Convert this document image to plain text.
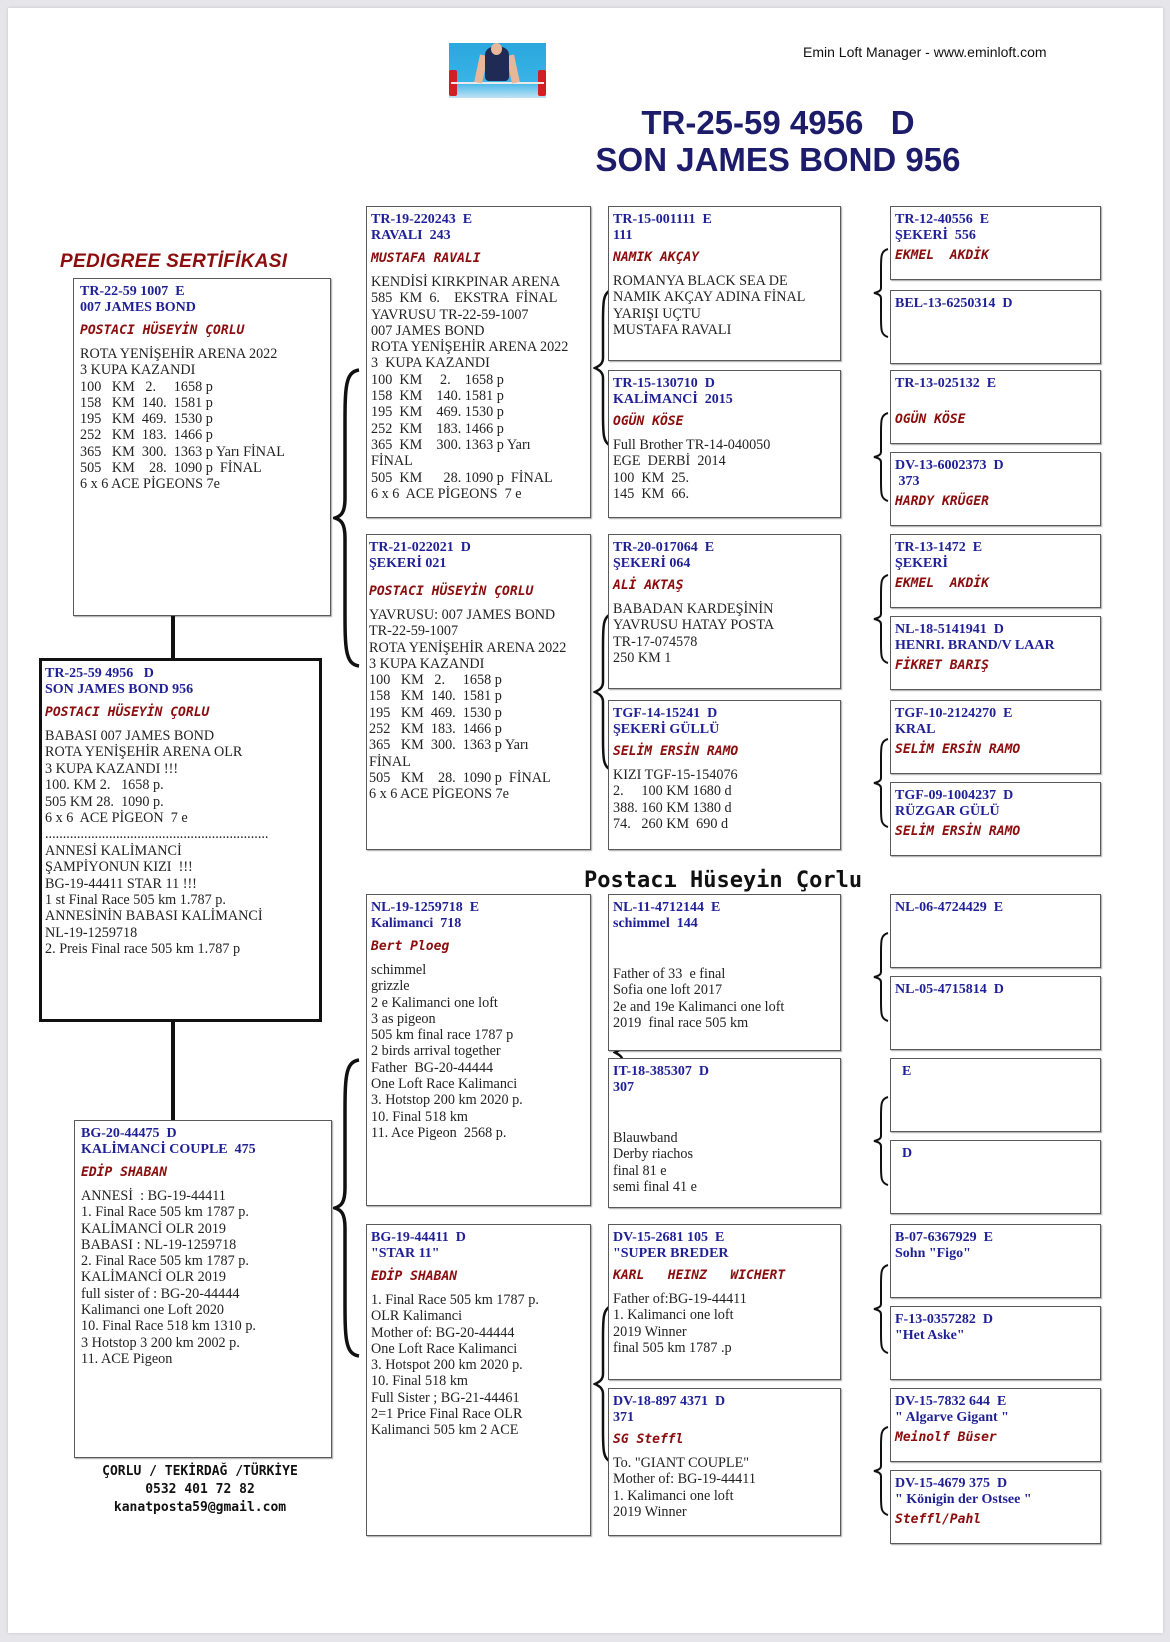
Emin Loft Manager - www.eminloft.com
TR-25-59 4956   D
SON JAMES BOND 956
PEDIGREE SERTİFİKASI
TR-22-59 1007  E
007 JAMES BOND
POSTACI HÜSEYİN ÇORLU
ROTA YENİŞEHİR ARENA 2022
3 KUPA KAZANDI
100   KM   2.     1658 p
158   KM  140.  1581 p
195   KM  469.  1530 p
252   KM  183.  1466 p
365   KM  300.  1363 p Yarı FİNAL
505   KM    28.  1090 p  FİNAL
6 x 6 ACE PİGEONS 7e
TR-25-59 4956   D
SON JAMES BOND 956
POSTACI HÜSEYİN ÇORLU
BABASI 007 JAMES BOND
ROTA YENİŞEHİR ARENA OLR
3 KUPA KAZANDI !!!
100. KM 2.   1658 p.
505 KM 28.  1090 p.
6 x 6  ACE PİGEON  7 e
...............................................................
ANNESİ KALİMANCİ
ŞAMPİYONUN KIZI  !!!
BG-19-44411 STAR 11 !!!
1 st Final Race 505 km 1.787 p.
ANNESİNİN BABASI KALİMANCİ
NL-19-1259718
2. Preis Final race 505 km 1.787 p
BG-20-44475  D
KALİMANCİ COUPLE  475
EDİP SHABAN
ANNESİ  : BG-19-44411
1. Final Race 505 km 1787 p.
KALİMANCİ OLR 2019
BABASI : NL-19-1259718
2. Final Race 505 km 1787 p.
KALİMANCİ OLR 2019
full sister of : BG-20-44444
Kalimanci one Loft 2020
10. Final Race 518 km 1310 p.
3 Hotstop 3 200 km 2002 p.
11. ACE Pigeon
ÇORLU / TEKİRDAĞ /TÜRKİYE
0532 401 72 82
kanatposta59@gmail.com
TR-19-220243  E
RAVALI  243
MUSTAFA RAVALI
KENDİSİ KIRKPINAR ARENA
585  KM  6.    EKSTRA  FİNAL
YAVRUSU TR-22-59-1007
007 JAMES BOND
ROTA YENİŞEHİR ARENA 2022
3  KUPA KAZANDI
100  KM     2.    1658 p
158  KM    140. 1581 p
195  KM    469. 1530 p
252  KM    183. 1466 p
365  KM    300. 1363 p Yarı
FİNAL
505  KM      28. 1090 p  FİNAL
6 x 6  ACE PİGEONS  7 e
TR-21-022021  D
ŞEKERİ 021
POSTACI HÜSEYİN ÇORLU
YAVRUSU: 007 JAMES BOND
TR-22-59-1007
ROTA YENİŞEHİR ARENA 2022
3 KUPA KAZANDI
100   KM   2.     1658 p
158   KM  140.  1581 p
195   KM  469.  1530 p
252   KM  183.  1466 p
365   KM  300.  1363 p Yarı
FİNAL
505   KM    28.  1090 p  FİNAL
6 x 6 ACE PİGEONS 7e
NL-19-1259718  E
Kalimanci  718
Bert Ploeg
schimmel
grizzle
2 e Kalimanci one loft
3 as pigeon
505 km final race 1787 p
2 birds arrival together
Father  BG-20-44444
One Loft Race Kalimanci
3. Hotstop 200 km 2020 p.
10. Final 518 km
11. Ace Pigeon  2568 p.
BG-19-44411  D
"STAR 11"
EDİP SHABAN
1. Final Race 505 km 1787 p.
OLR Kalimanci
Mother of: BG-20-44444
One Loft Race Kalimanci
3. Hotspot 200 km 2020 p.
10. Final 518 km
Full Sister ; BG-21-44461
2=1 Price Final Race OLR
Kalimanci 505 km 2 ACE
TR-15-001111  E
111
NAMIK AKÇAY
ROMANYA BLACK SEA DE
NAMIK AKÇAY ADINA FİNAL
YARIŞI UÇTU
MUSTAFA RAVALI
TR-15-130710  D
KALİMANCİ  2015
OGÜN KÖSE
Full Brother TR-14-040050
EGE  DERBİ  2014
100  KM  25.
145  KM  66.
TR-20-017064  E
ŞEKERİ 064
ALİ AKTAŞ
BABADAN KARDEŞİNİN
YAVRUSU HATAY POSTA
TR-17-074578
250 KM 1
TGF-14-15241  D
ŞEKERİ GÜLLÜ
SELİM ERSİN RAMO
KIZI TGF-15-154076
2.     100 KM 1680 d
388. 160 KM 1380 d
74.   260 KM  690 d
Postacı Hüseyin Çorlu
NL-11-4712144  E
schimmel  144
Father of 33  e final
Sofia one loft 2017
2e and 19e Kalimanci one loft
2019  final race 505 km
IT-18-385307  D
307
Blauwband
Derby riachos
final 81 e
semi final 41 e
DV-15-2681 105  E
"SUPER BREDER
KARL   HEINZ   WICHERT
Father of:BG-19-44411
1. Kalimanci one loft
2019 Winner
final 505 km 1787 .p
DV-18-897 4371  D
371
SG Steffl
To. "GIANT COUPLE"
Mother of: BG-19-44411
1. Kalimanci one loft
2019 Winner
TR-12-40556  E
ŞEKERİ  556
EKMEL  AKDİK
BEL-13-6250314  D
TR-13-025132  E
OGÜN KÖSE
DV-13-6002373  D
373
HARDY KRÜGER
TR-13-1472  E
ŞEKERİ
EKMEL  AKDİK
NL-18-5141941  D
HENRI. BRAND/V LAAR
FİKRET BARIŞ
TGF-10-2124270  E
KRAL
SELİM ERSİN RAMO
TGF-09-1004237  D
RÜZGAR GÜLÜ
SELİM ERSİN RAMO
NL-06-4724429  E
NL-05-4715814  D
E
D
B-07-6367929  E
Sohn "Figo"
F-13-0357282  D
"Het Aske"
DV-15-7832 644  E
" Algarve Gigant "
Meinolf Büser
DV-15-4679 375  D
" Königin der Ostsee "
Steffl/Pahl
